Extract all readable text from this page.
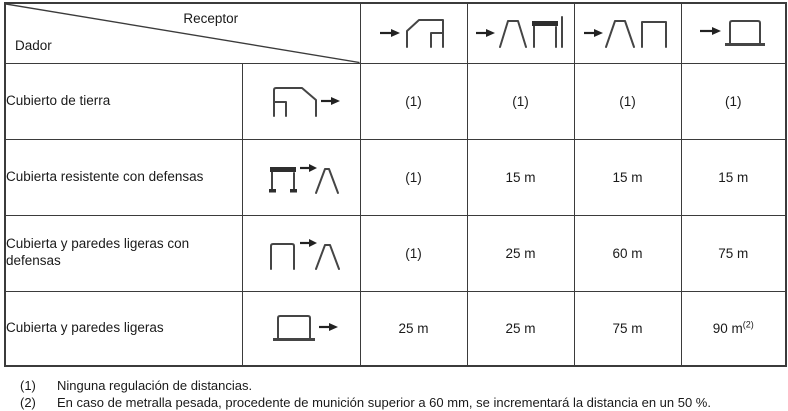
Receptor
Dador

Cubierto de tierra		(1)	(1)	(1)	(1)
Cubierta resistente con defensas		(1)	15 m	15 m	15 m
Cubierta y paredes ligeras con defensas		(1)	25 m	60 m	75 m
Cubierta y paredes ligeras		25 m	25 m	75 m	90 m$^{(2)}$
(1)	Ninguna regulación de distancias.
(2)	En caso de metralla pesada, procedente de munición superior a 60 mm, se incrementará la distancia en un 50 %.
